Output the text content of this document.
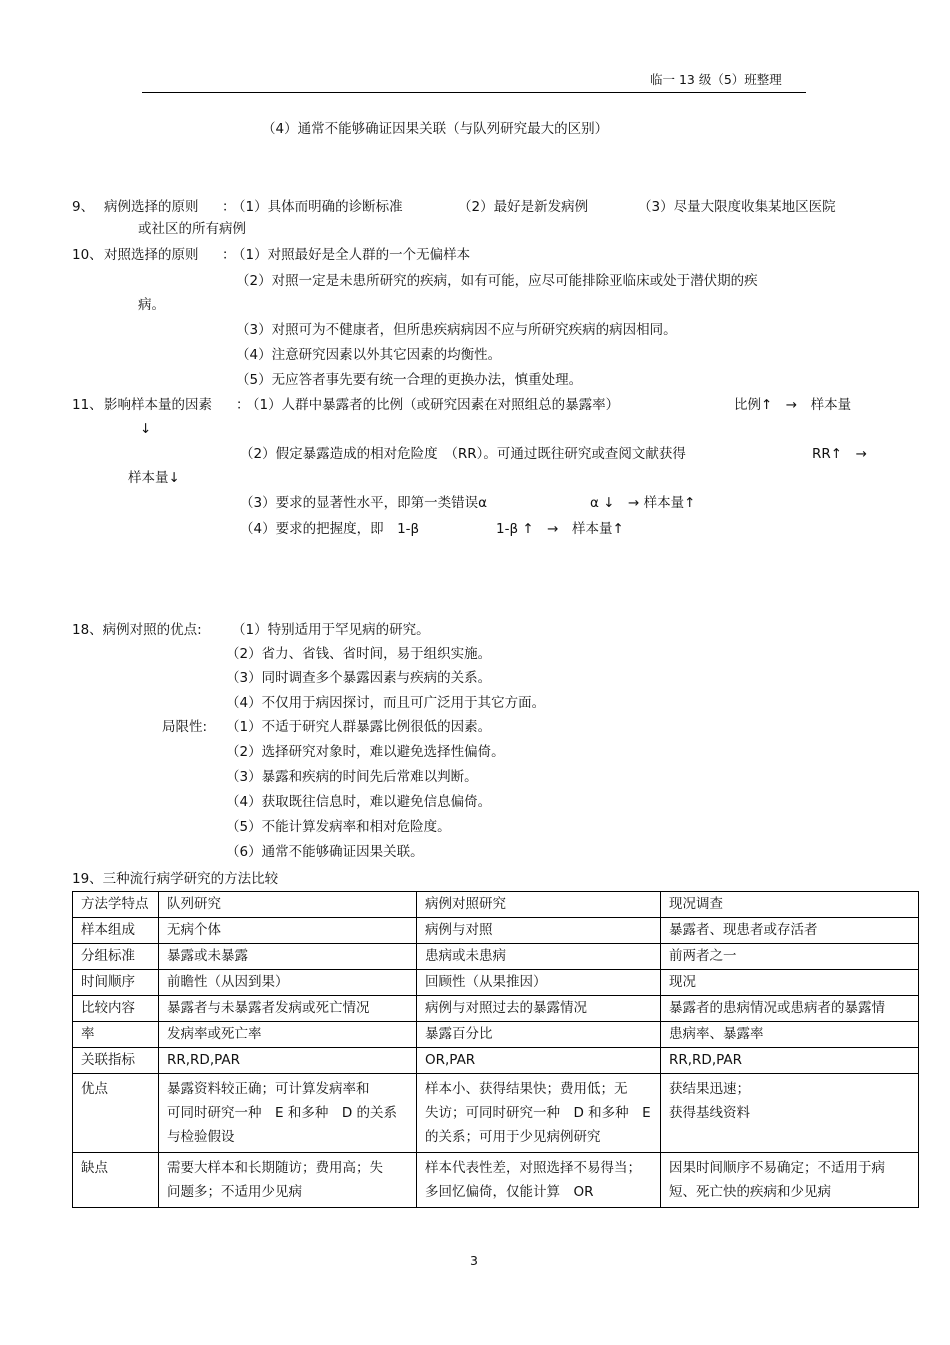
临一 13 级（5）班整理
（4）通常不能够确证因果关联（与队列研究最大的区别）
9、 病例选择的原则 ：
（1）具体而明确的诊断标准	（2）最好是新发病例	（3）尽量大限度收集某地区医院
或社区的所有病例
10、 对照选择的原则 ：
（1）对照最好是全人群的一个无偏样本
（2）对照一定是未患所研究的疾病，如有可能，应尽可能排除亚临床或处于潜伏期的疾
病。
（3）对照可为不健康者，但所患疾病病因不应与所研究疾病的病因相同。
（4）注意研究因素以外其它因素的均衡性。
（5）无应答者事先要有统一合理的更换办法，慎重处理。
11、 影响样本量的因素 ：
（1）人群中暴露者的比例（或研究因素在对照组总的暴露率）	比例↑　→　样本量
↓
（2）假定暴露造成的相对危险度　（RR）。可通过既往研究或查阅文献获得	RR↑　→
样本量↓
（3）要求的显著性水平，即第一类错误α	α ↓　→ 样本量↑
（4）要求的把握度，即　1-β	1-β ↑　→　样本量↑
18、病例对照的优点: （1）特别适用于罕见病的研究。
（2）省力、省钱、省时间，易于组织实施。
（3）同时调查多个暴露因素与疾病的关系。
（4）不仅用于病因探讨，而且可广泛用于其它方面。
局限性: （1）不适于研究人群暴露比例很低的因素。
（2）选择研究对象时，难以避免选择性偏倚。
（3）暴露和疾病的时间先后常难以判断。
（4）获取既往信息时，难以避免信息偏倚。
（5）不能计算发病率和相对危险度。
（6）通常不能够确证因果关联。
19、三种流行病学研究的方法比较
方法学特点	队列研究	病例对照研究	现况调查
样本组成	无病个体	病例与对照	暴露者、现患者或存活者
分组标准	暴露或未暴露	患病或未患病	前两者之一
时间顺序	前瞻性（从因到果）	回顾性（从果推因）	现况
比较内容	暴露者与未暴露者发病或死亡情况	病例与对照过去的暴露情况	暴露者的患病情况或患病者的暴露情
率	发病率或死亡率	暴露百分比	患病率、暴露率
关联指标	RR,RD,PAR	OR,PAR	RR,RD,PAR
优点	暴露资料较正确；可计算发病率和
可同时研究一种　E 和多种　D 的关系
与检验假设	样本小、获得结果快；费用低；无
失访；可同时研究一种　D 和多种　E
的关系；可用于少见病例研究	获结果迅速；
获得基线资料

缺点	需要大样本和长期随访；费用高；失
问题多；不适用少见病	样本代表性差，对照选择不易得当；
多回忆偏倚，仅能计算　OR	因果时间顺序不易确定；不适用于病
短、死亡快的疾病和少见病
3
